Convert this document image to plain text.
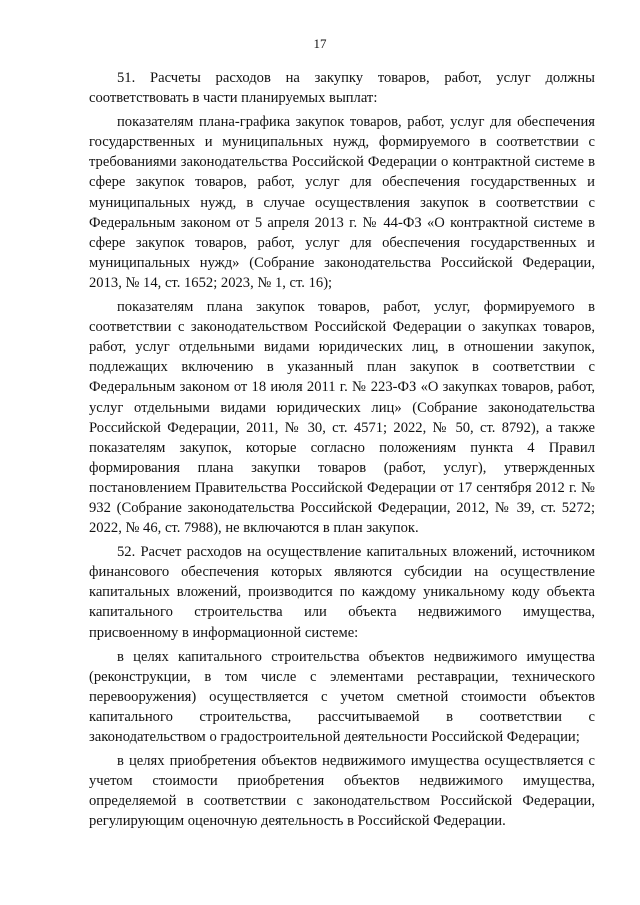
17

51. Расчеты расходов на закупку товаров, работ, услуг должны соответствовать в части планируемых выплат:

показателям плана-графика закупок товаров, работ, услуг для обеспечения государственных и муниципальных нужд, формируемого в соответствии с требованиями законодательства Российской Федерации о контрактной системе в сфере закупок товаров, работ, услуг для обеспечения государственных и муниципальных нужд, в случае осуществления закупок в соответствии с Федеральным законом от 5 апреля 2013 г. № 44-ФЗ «О контрактной системе в сфере закупок товаров, работ, услуг для обеспечения государственных и муниципальных нужд» (Собрание законодательства Российской Федерации, 2013, № 14, ст. 1652; 2023, № 1, ст. 16);

показателям плана закупок товаров, работ, услуг, формируемого в соответствии с законодательством Российской Федерации о закупках товаров, работ, услуг отдельными видами юридических лиц, в отношении закупок, подлежащих включению в указанный план закупок в соответствии с Федеральным законом от 18 июля 2011 г. № 223-ФЗ «О закупках товаров, работ, услуг отдельными видами юридических лиц» (Собрание законодательства Российской Федерации, 2011, № 30, ст. 4571; 2022, № 50, ст. 8792), а также показателям закупок, которые согласно положениям пункта 4 Правил формирования плана закупки товаров (работ, услуг), утвержденных постановлением Правительства Российской Федерации от 17 сентября 2012 г. № 932 (Собрание законодательства Российской Федерации, 2012, № 39, ст. 5272; 2022, № 46, ст. 7988), не включаются в план закупок.

52. Расчет расходов на осуществление капитальных вложений, источником финансового обеспечения которых являются субсидии на осуществление капитальных вложений, производится по каждому уникальному коду объекта капитального строительства или объекта недвижимого имущества, присвоенному в информационной системе:

в целях капитального строительства объектов недвижимого имущества (реконструкции, в том числе с элементами реставрации, технического перевооружения) осуществляется с учетом сметной стоимости объектов капитального строительства, рассчитываемой в соответствии с законодательством о градостроительной деятельности Российской Федерации;

в целях приобретения объектов недвижимого имущества осуществляется с учетом стоимости приобретения объектов недвижимого имущества, определяемой в соответствии с законодательством Российской Федерации, регулирующим оценочную деятельность в Российской Федерации.
